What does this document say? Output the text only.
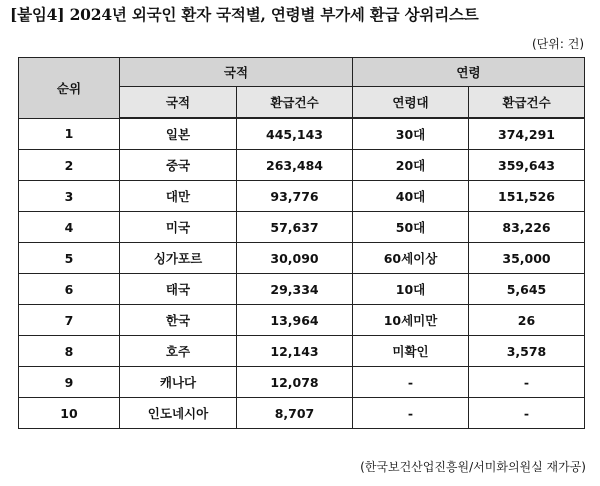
[붙임4] 2024년 외국인 환자 국적별, 연령별 부가세 환급 상위리스트
(단위: 건)
순위	국적		연령	
	국적	환급건수	연령대	환급건수
1	일본	445,143	30대	374,291
2	중국	263,484	20대	359,643
3	대만	93,776	40대	151,526
4	미국	57,637	50대	83,226
5	싱가포르	30,090	60세이상	35,000
6	태국	29,334	10대	5,645
7	한국	13,964	10세미만	26
8	호주	12,143	미확인	3,578
9	캐나다	12,078	-	-
10	인도네시아	8,707	-	-
(한국보건산업진흥원/서미화의원실 재가공)
